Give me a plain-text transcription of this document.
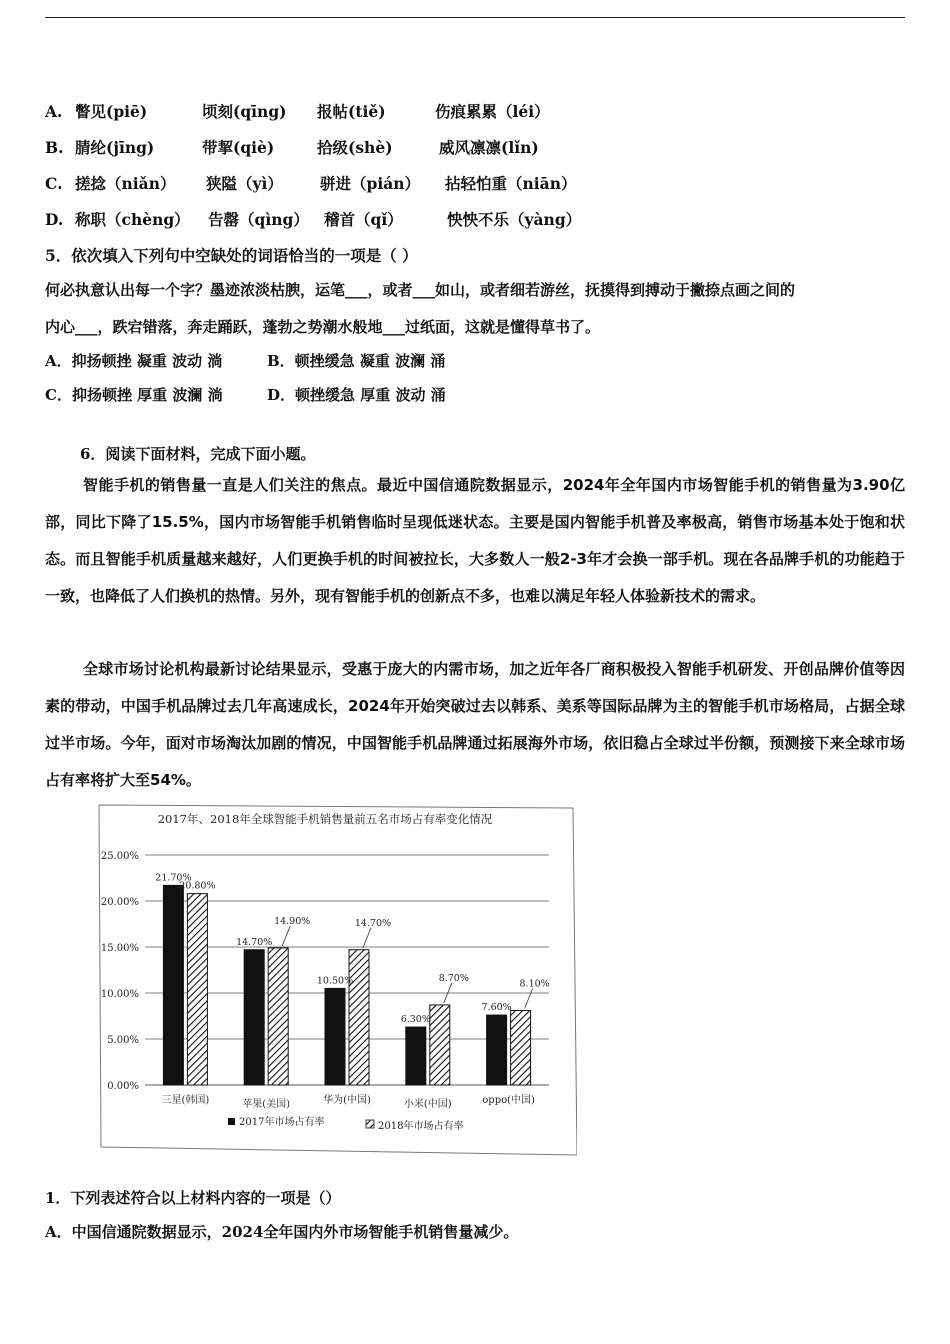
A. 瞥见(piē)	顷刻(qīng) 报帖(tiě)	伤痕累累（léi）
B. 腈纶(jīng)	带挈(qiè)	拾级(shè)	威风凛凛(lǐn)
C. 搓捻（niǎn） 狭隘（yì） 骈进（pián） 拈轻怕重（niān）
D. 称职（chèng） 告罄（qìng） 稽首（qǐ）	怏怏不乐（yàng）
5．依次填入下列句中空缺处的词语恰当的一项是（ ）
何必执意认出每一个字？墨迹浓淡枯腴，运笔___，或者___如山，或者细若游丝，抚摸得到搏动于撇捺点画之间的
内心___，跌宕错落，奔走踊跃，蓬勃之势潮水般地___过纸面，这就是懂得草书了。
A．抑扬顿挫 凝重 波动 淌	B．顿挫缓急 凝重 波澜 涌
C．抑扬顿挫 厚重 波澜 淌	D．顿挫缓急 厚重 波动 涌
6．阅读下面材料，完成下面小题。
智能手机的销售量一直是人们关注的焦点。最近中国信通院数据显示，2024年全年国内市场智能手机的销售量为3.90亿部，同比下降了15.5%，国内市场智能手机销售临时呈现低迷状态。主要是国内智能手机普及率极高，销售市场基本处于饱和状态。而且智能手机质量越来越好，人们更换手机的时间被拉长，大多数人一般2-3年才会换一部手机。现在各品牌手机的功能趋于一致，也降低了人们换机的热情。另外，现有智能手机的创新点不多，也难以满足年轻人体验新技术的需求。
全球市场讨论机构最新讨论结果显示，受惠于庞大的内需市场，加之近年各厂商积极投入智能手机研发、开创品牌价值等因素的带动，中国手机品牌过去几年高速成长，2024年开始突破过去以韩系、美系等国际品牌为主的智能手机市场格局，占据全球过半市场。今年，面对市场淘汰加剧的情况，中国智能手机品牌通过拓展海外市场，依旧稳占全球过半份额，预测接下来全球市场占有率将扩大至54%。
2017年、2018年全球智能手机销售量前五名市场占有率变化情况
25.00%
20.00%
15.00%
10.00%
5.00%
0.00%
21.70%
20.80%
三星(韩国)
14.70%
14.90%
苹果(美国)
10.50%
14.70%
华为(中国)
6.30%
8.70%
小米(中国)
7.60%
8.10%
oppo(中国)
2017年市场占有率	2018年市场占有率
1．下列表述符合以上材料内容的一项是（）
A．中国信通院数据显示，2024全年国内外市场智能手机销售量减少。
